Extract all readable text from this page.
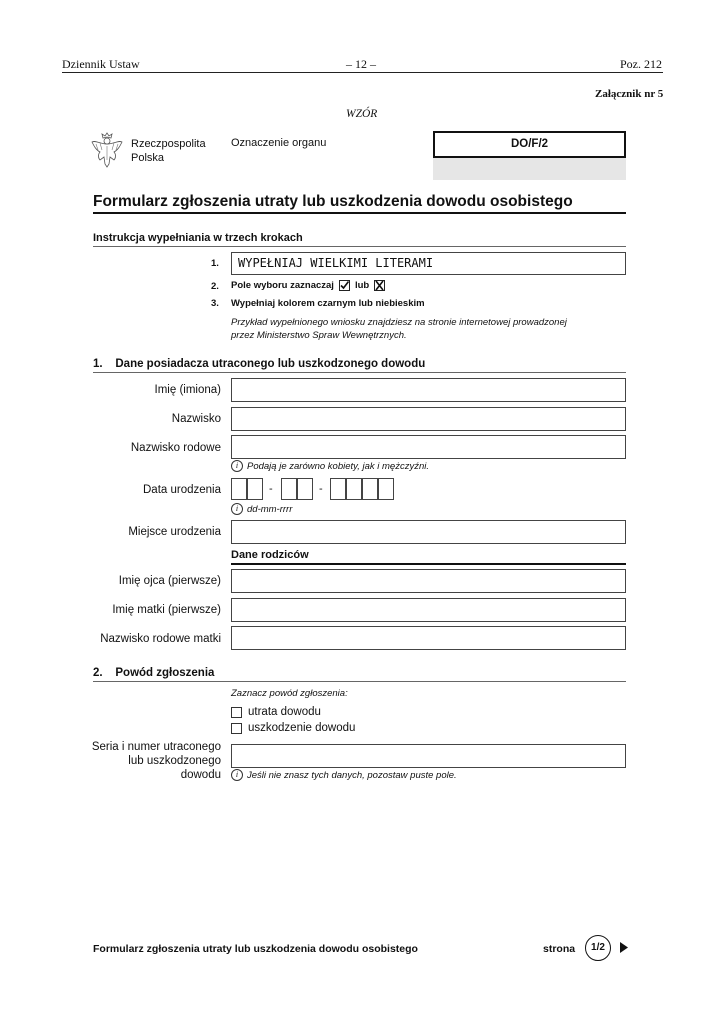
Dziennik Ustaw	– 12 –	Poz. 212
Załącznik nr 5
WZÓR
Rzeczpospolita
Polska
Oznaczenie organu	DO/F/2
Formularz zgłoszenia utraty lub uszkodzenia dowodu osobistego
Instrukcja wypełniania w trzech krokach
1.	WYPEŁNIAJ WIELKIMI LITERAMI
2. Pole wyboru zaznaczaj lub
3. Wypełniaj kolorem czarnym lub niebieskim
Przykład wypełnionego wniosku znajdziesz na stronie internetowej prowadzonej
przez Ministerstwo Spraw Wewnętrznych.
1.    Dane posiadacza utraconego lub uszkodzonego dowodu
Imię (imiona)
Nazwisko
Nazwisko rodowe
i Podają je zarówno kobiety, jak i mężczyźni.
Data urodzenia	-	-
i dd-mm-rrrr
Miejsce urodzenia
Dane rodziców
Imię ojca (pierwsze)
Imię matki (pierwsze)
Nazwisko rodowe matki
2.    Powód zgłoszenia
Zaznacz powód zgłoszenia:
utrata dowodu
uszkodzenie dowodu
Seria i numer utraconego
lub uszkodzonego
dowodu	i Jeśli nie znasz tych danych, pozostaw puste pole.
Formularz zgłoszenia utraty lub uszkodzenia dowodu osobistego	strona	1/2
